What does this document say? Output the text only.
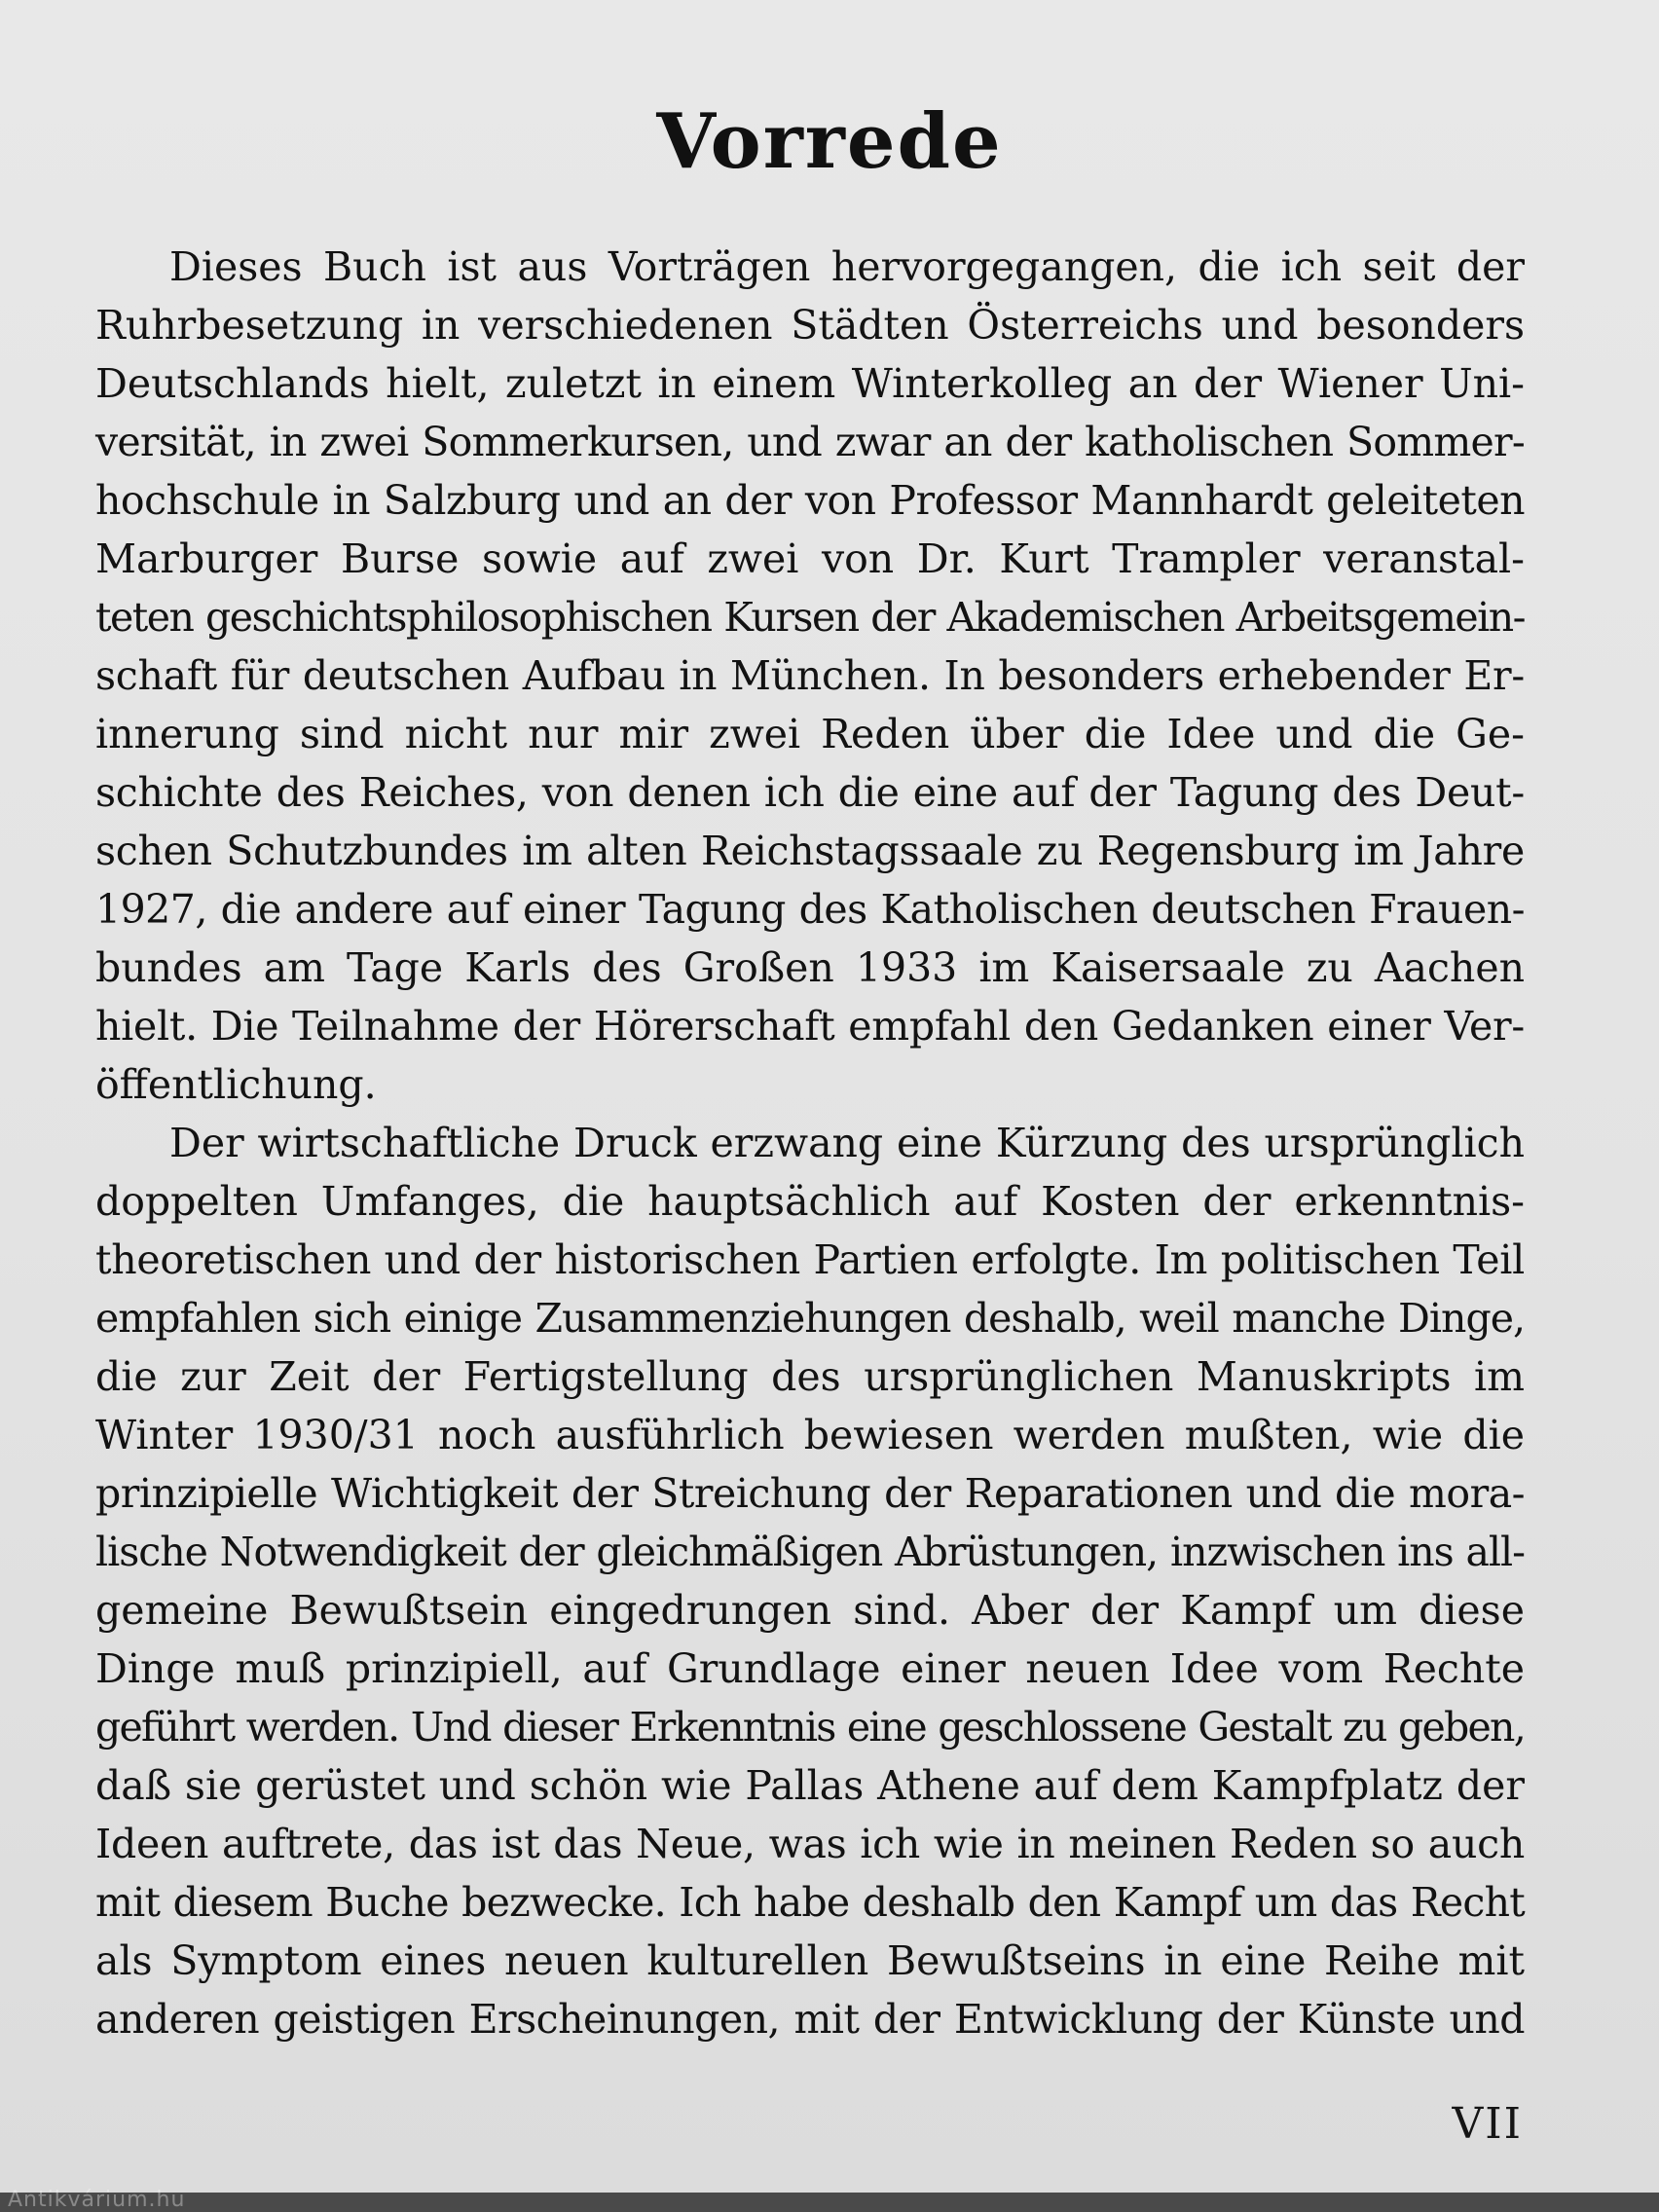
Vorrede
Dieses Buch ist aus Vorträgen hervorgegangen, die ich seit der
Ruhrbesetzung in verschiedenen Städten Österreichs und besonders
Deutschlands hielt, zuletzt in einem Winterkolleg an der Wiener Uni-
versität, in zwei Sommerkursen, und zwar an der katholischen Sommer-
hochschule in Salzburg und an der von Professor Mannhardt geleiteten
Marburger Burse sowie auf zwei von Dr. Kurt Trampler veranstal-
teten geschichtsphilosophischen Kursen der Akademischen Arbeitsgemein-
schaft für deutschen Aufbau in München. In besonders erhebender Er-
innerung sind nicht nur mir zwei Reden über die Idee und die Ge-
schichte des Reiches, von denen ich die eine auf der Tagung des Deut-
schen Schutzbundes im alten Reichstagssaale zu Regensburg im Jahre
1927, die andere auf einer Tagung des Katholischen deutschen Frauen-
bundes am Tage Karls des Großen 1933 im Kaisersaale zu Aachen
hielt. Die Teilnahme der Hörerschaft empfahl den Gedanken einer Ver-
öffentlichung.
Der wirtschaftliche Druck erzwang eine Kürzung des ursprünglich
doppelten Umfanges, die hauptsächlich auf Kosten der erkenntnis-
theoretischen und der historischen Partien erfolgte. Im politischen Teil
empfahlen sich einige Zusammenziehungen deshalb, weil manche Dinge,
die zur Zeit der Fertigstellung des ursprünglichen Manuskripts im
Winter 1930/31 noch ausführlich bewiesen werden mußten, wie die
prinzipielle Wichtigkeit der Streichung der Reparationen und die mora-
lische Notwendigkeit der gleichmäßigen Abrüstungen, inzwischen ins all-
gemeine Bewußtsein eingedrungen sind. Aber der Kampf um diese
Dinge muß prinzipiell, auf Grundlage einer neuen Idee vom Rechte
geführt werden. Und dieser Erkenntnis eine geschlossene Gestalt zu geben,
daß sie gerüstet und schön wie Pallas Athene auf dem Kampfplatz der
Ideen auftrete, das ist das Neue, was ich wie in meinen Reden so auch
mit diesem Buche bezwecke. Ich habe deshalb den Kampf um das Recht
als Symptom eines neuen kulturellen Bewußtseins in eine Reihe mit
anderen geistigen Erscheinungen, mit der Entwicklung der Künste und
VII
Antikvárium.hu
